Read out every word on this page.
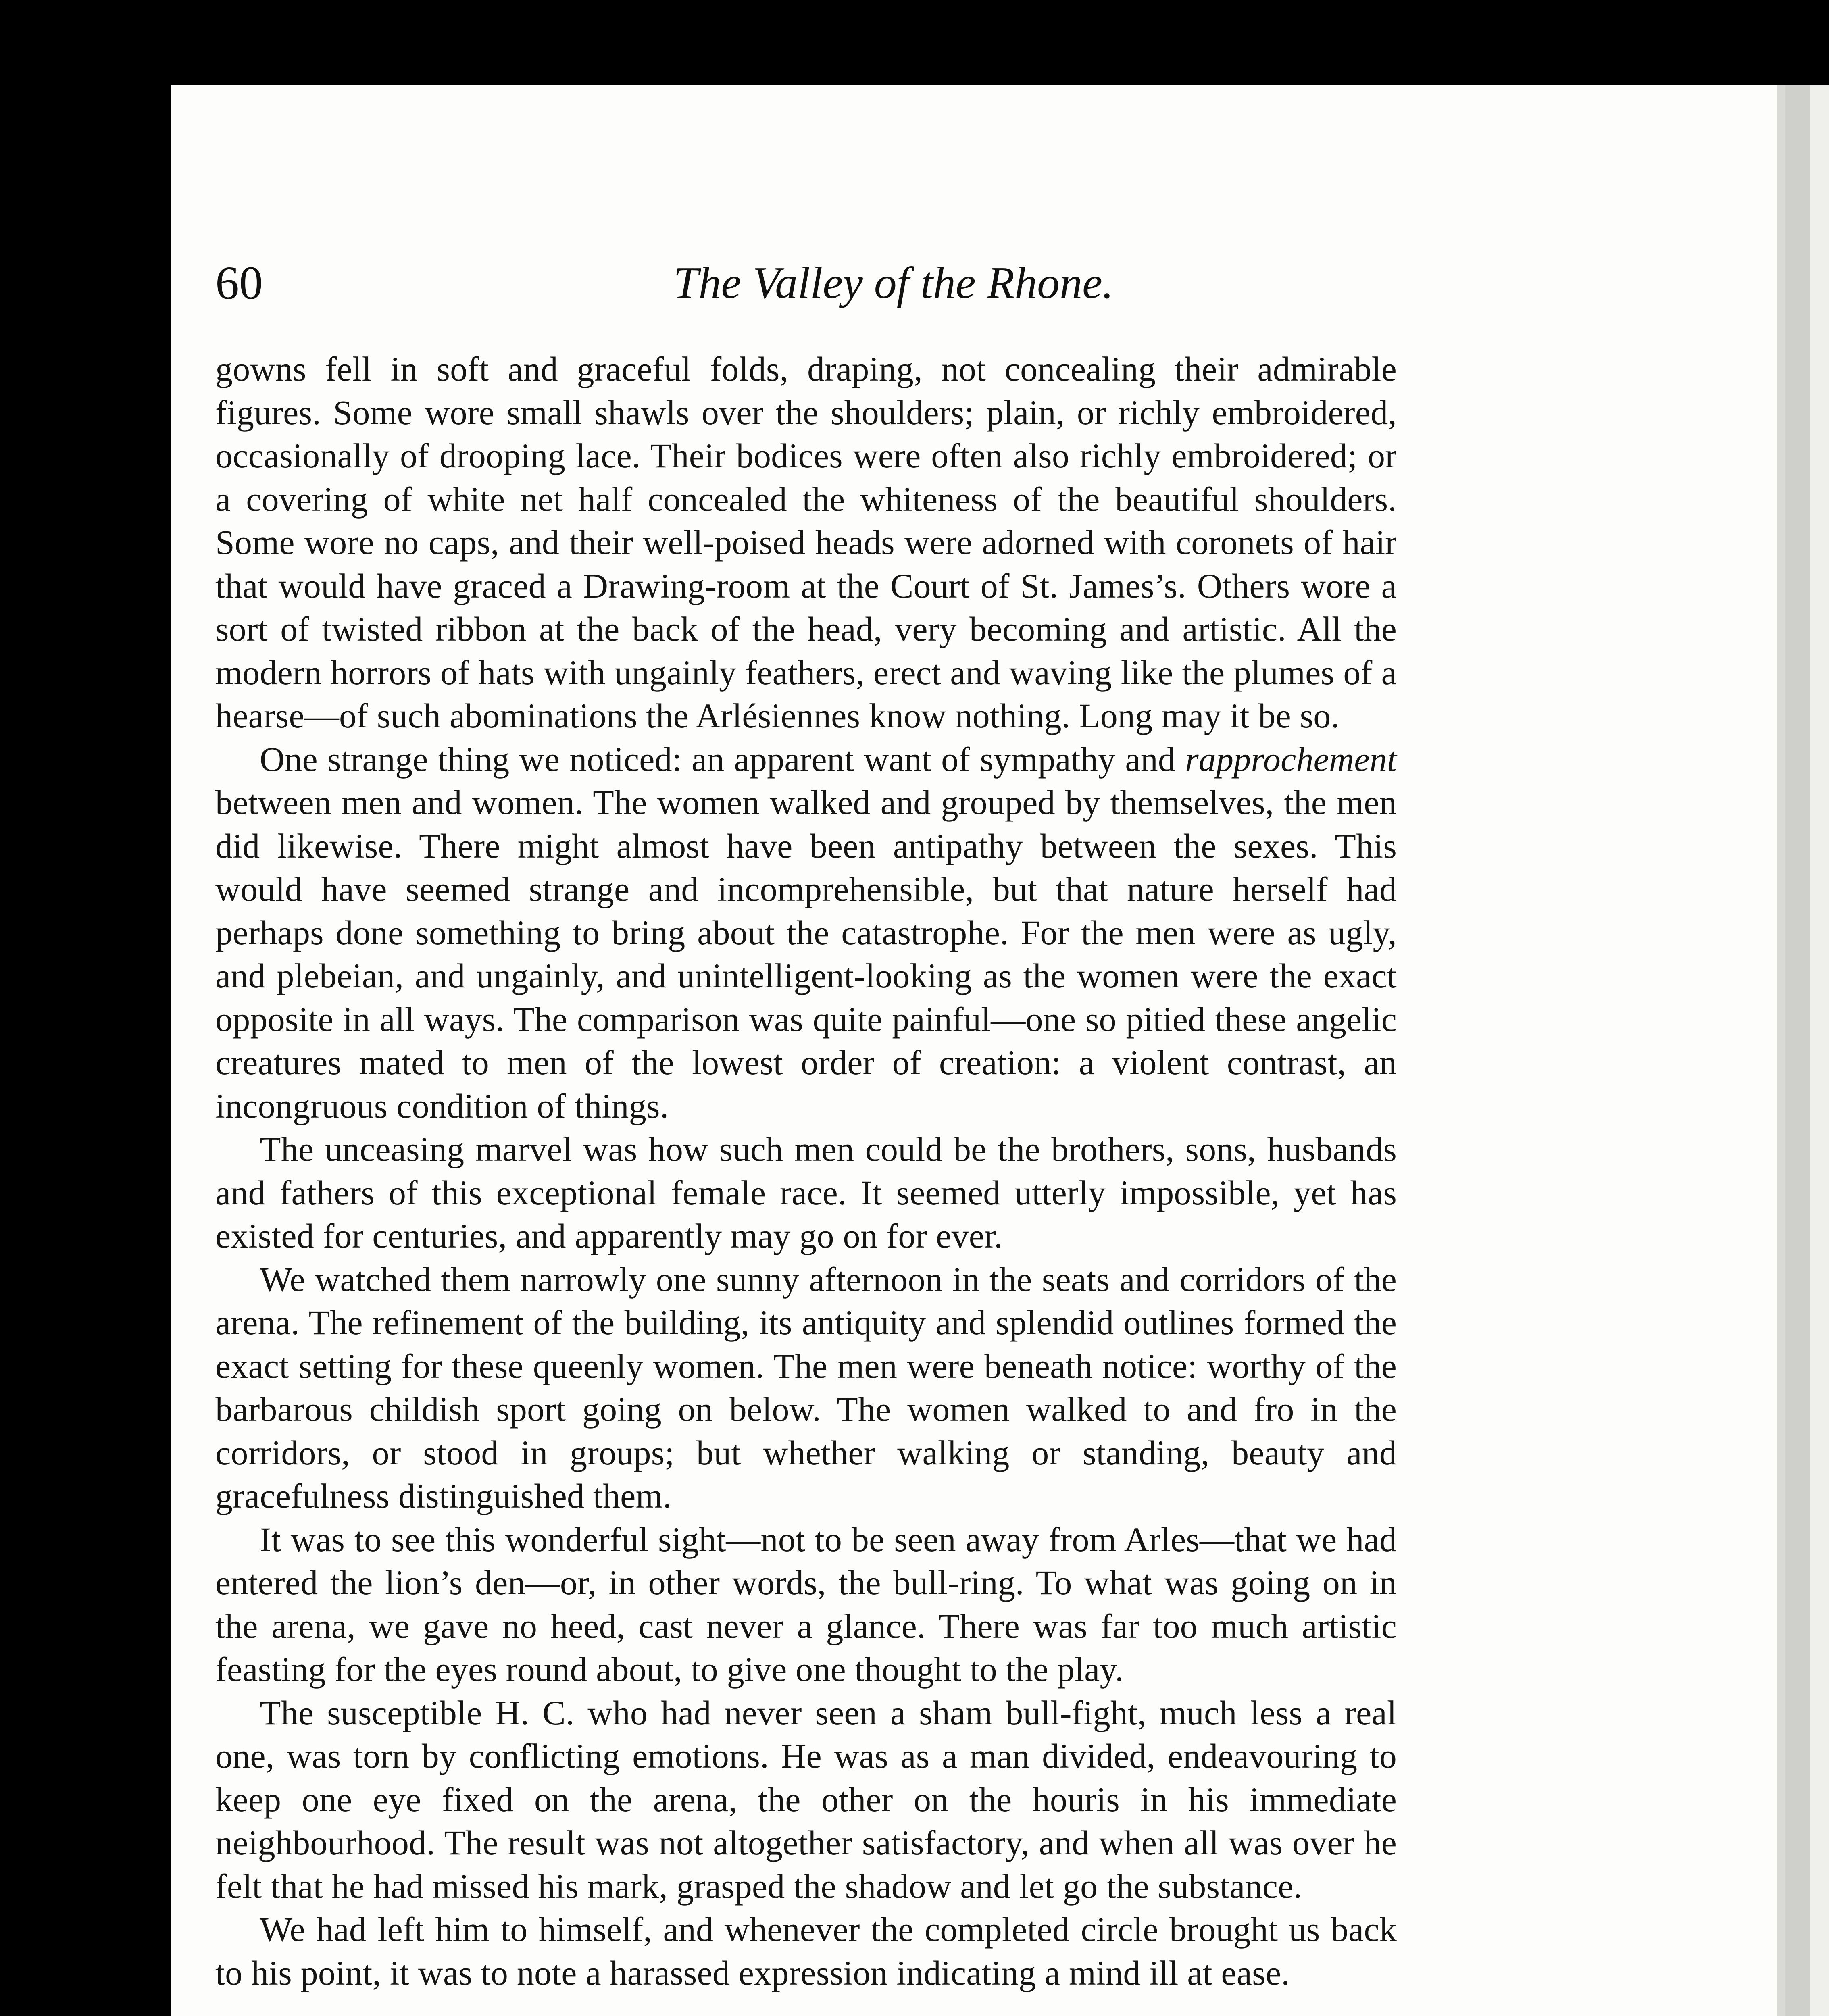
60	The Valley of the Rhone.

gowns fell in soft and graceful folds, draping, not concealing their admirable figures. Some wore small shawls over the shoulders; plain, or richly embroidered, occasionally of drooping lace. Their bodices were often also richly embroidered; or a covering of white net half concealed the whiteness of the beautiful shoulders. Some wore no caps, and their well-poised heads were adorned with coronets of hair that would have graced a Drawing-room at the Court of St. James’s. Others wore a sort of twisted ribbon at the back of the head, very becoming and artistic. All the modern horrors of hats with ungainly feathers, erect and waving like the plumes of a hearse—of such abominations the Arlésiennes know nothing. Long may it be so.

One strange thing we noticed: an apparent want of sympathy and rapprochement between men and women. The women walked and grouped by themselves, the men did likewise. There might almost have been antipathy between the sexes. This would have seemed strange and incomprehensible, but that nature herself had perhaps done something to bring about the catastrophe. For the men were as ugly, and plebeian, and ungainly, and unintelligent-looking as the women were the exact opposite in all ways. The comparison was quite painful—one so pitied these angelic creatures mated to men of the lowest order of creation: a violent contrast, an incongruous condition of things.

The unceasing marvel was how such men could be the brothers, sons, husbands and fathers of this exceptional female race. It seemed utterly impossible, yet has existed for centuries, and apparently may go on for ever.

We watched them narrowly one sunny afternoon in the seats and corridors of the arena. The refinement of the building, its antiquity and splendid outlines formed the exact setting for these queenly women. The men were beneath notice: worthy of the barbarous childish sport going on below. The women walked to and fro in the corridors, or stood in groups; but whether walking or standing, beauty and gracefulness distinguished them.

It was to see this wonderful sight—not to be seen away from Arles—that we had entered the lion’s den—or, in other words, the bull-ring. To what was going on in the arena, we gave no heed, cast never a glance. There was far too much artistic feasting for the eyes round about, to give one thought to the play.

The susceptible H. C. who had never seen a sham bull-fight, much less a real one, was torn by conflicting emotions. He was as a man divided, endeavouring to keep one eye fixed on the arena, the other on the houris in his immediate neighbourhood. The result was not altogether satisfactory, and when all was over he felt that he had missed his mark, grasped the shadow and let go the substance.

We had left him to himself, and whenever the completed circle brought us back to his point, it was to note a harassed expression indicating a mind ill at ease.
